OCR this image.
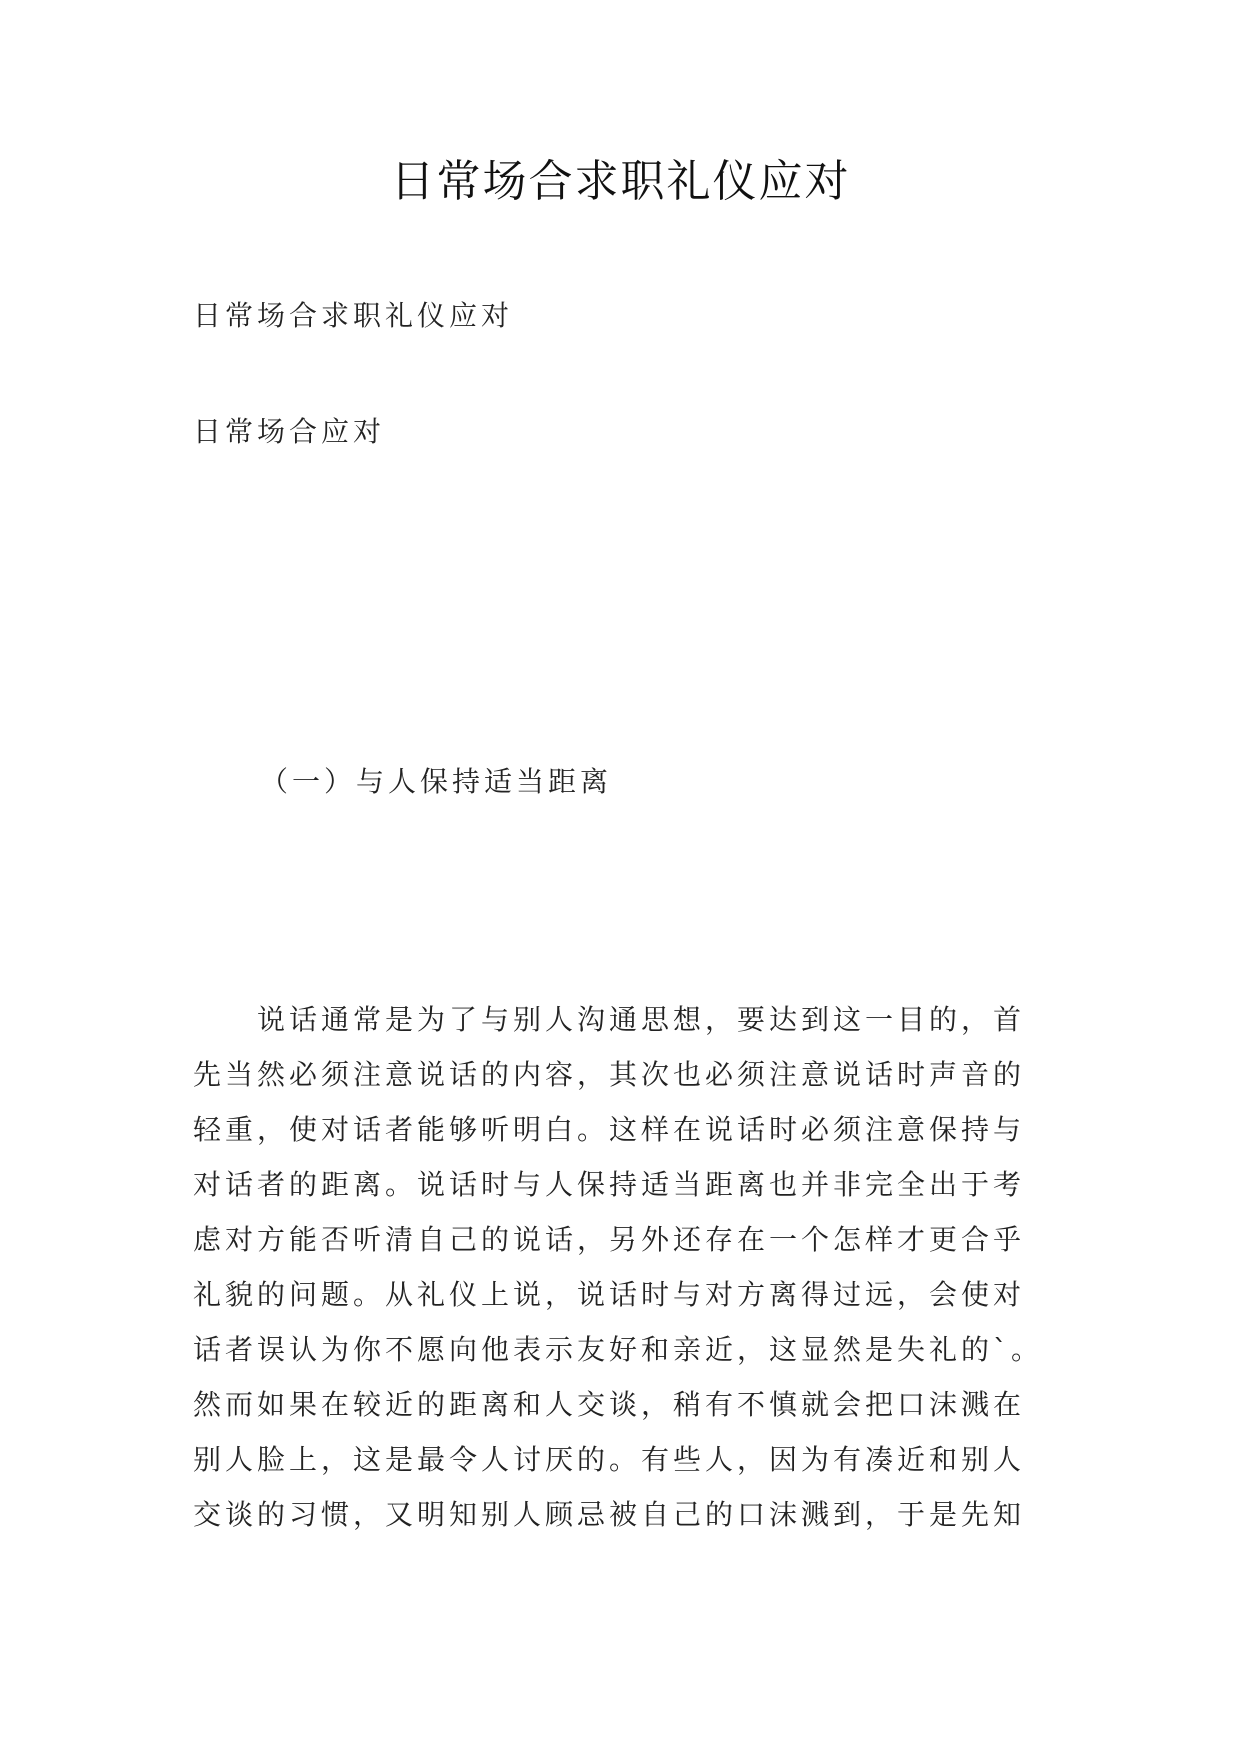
日常场合求职礼仪应对

日常场合求职礼仪应对

日常场合应对

（一）与人保持适当距离

说话通常是为了与别人沟通思想，要达到这一目的，首
先当然必须注意说话的内容，其次也必须注意说话时声音的
轻重，使对话者能够听明白。这样在说话时必须注意保持与
对话者的距离。说话时与人保持适当距离也并非完全出于考
虑对方能否听清自己的说话，另外还存在一个怎样才更合乎
礼貌的问题。从礼仪上说，说话时与对方离得过远，会使对
话者误认为你不愿向他表示友好和亲近，这显然是失礼的`。
然而如果在较近的距离和人交谈，稍有不慎就会把口沫溅在
别人脸上，这是最令人讨厌的。有些人，因为有凑近和别人
交谈的习惯，又明知别人顾忌被自己的口沫溅到，于是先知
